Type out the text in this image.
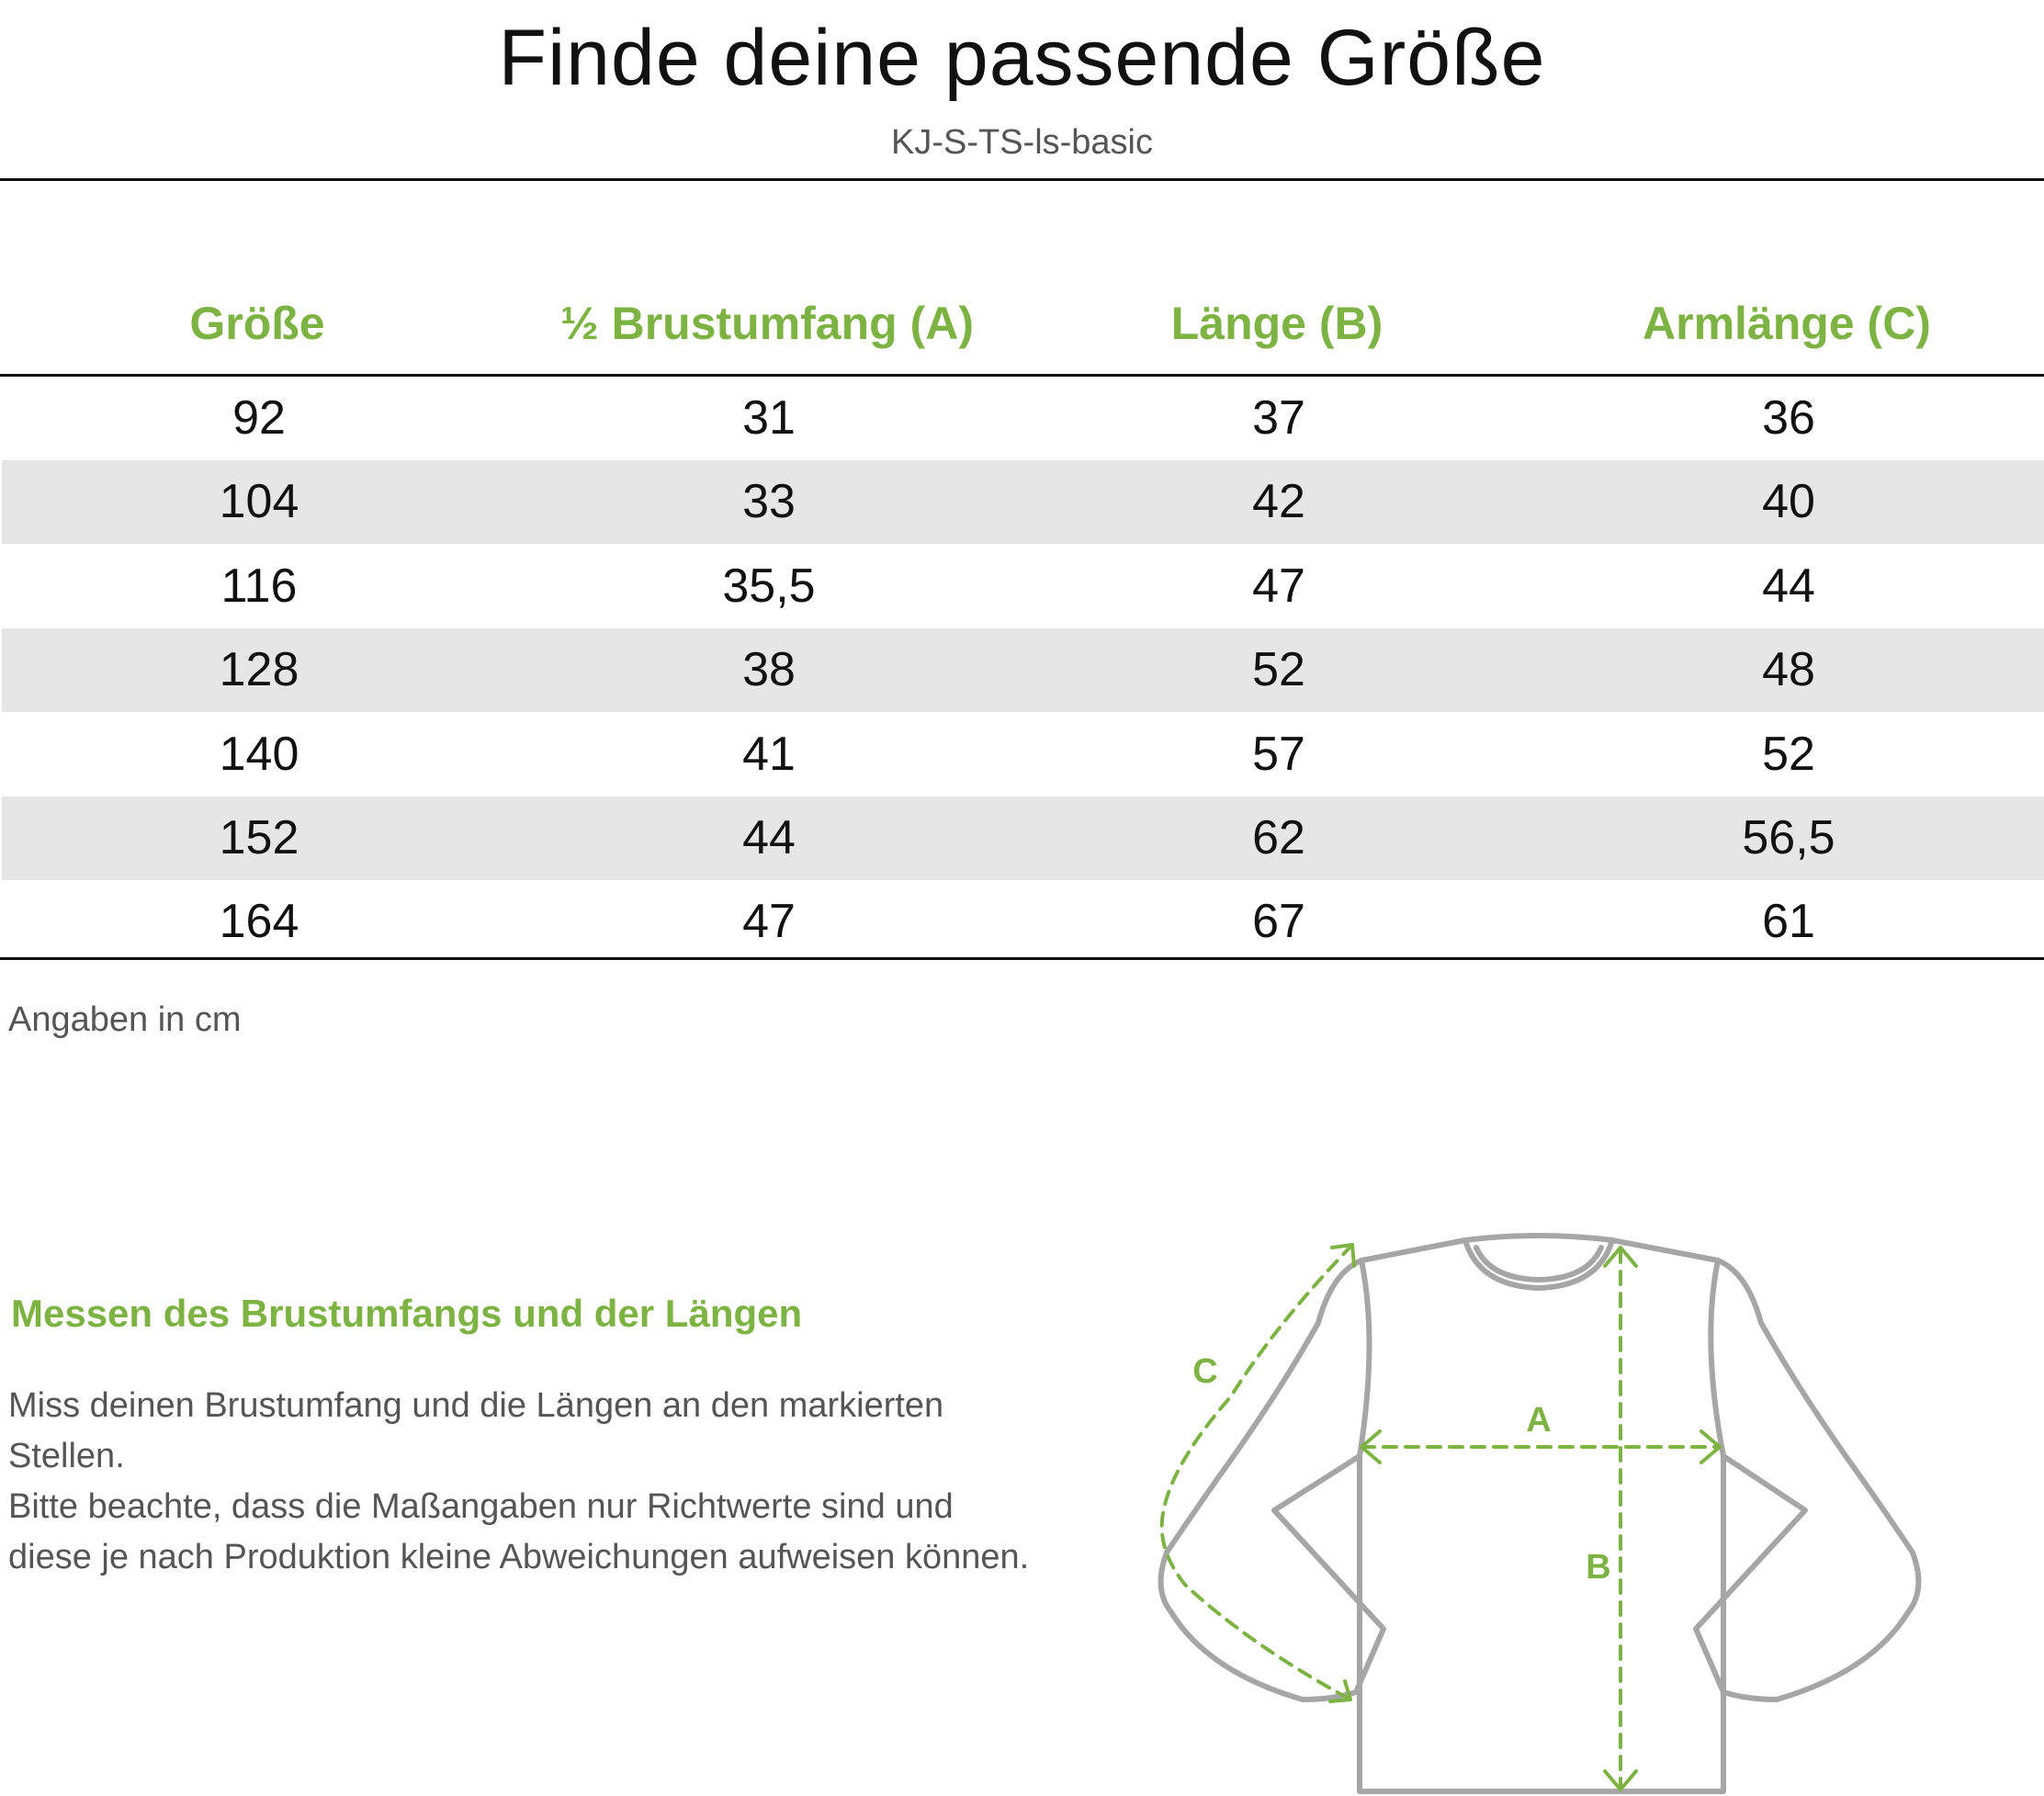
Finde deine passende Größe
KJ-S-TS-ls-basic
Größe	½ Brustumfang (A)	Länge (B)	Armlänge (C)
92	31	37	36
104	33	42	40
116	35,5	47	44
128	38	52	48
140	41	57	52
152	44	62	56,5
164	47	67	61
Angaben in cm
Messen des Brustumfangs und der Längen

Miss deinen Brustumfang und die Längen an den markierten Stellen.

Bitte beachte, dass die Maßangaben nur Richtwerte sind und diese je nach Produktion kleine Abweichungen aufweisen können.

A
B
C
